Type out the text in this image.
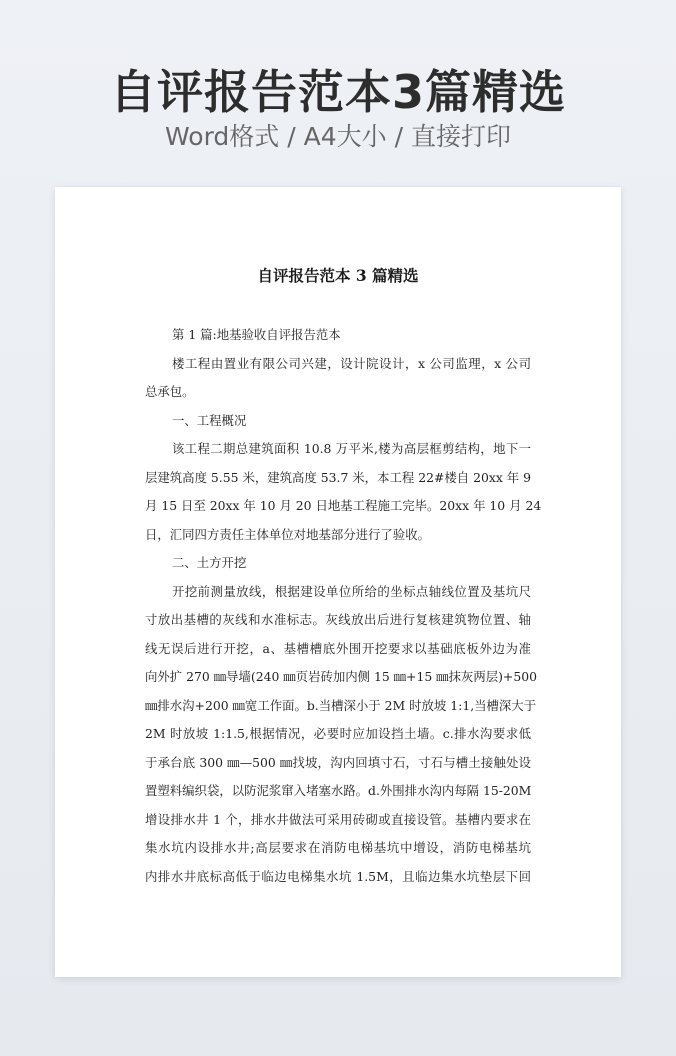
自评报告范本3篇精选
Word格式 / A4大小 / 直接打印
自评报告范本 3 篇精选
第 1 篇:地基验收自评报告范本
楼工程由置业有限公司兴建，设计院设计，x 公司监理，x 公司
总承包。
一、工程概况
该工程二期总建筑面积 10.8 万平米,楼为高层框剪结构，地下一
层建筑高度 5.55 米，建筑高度 53.7 米，本工程 22#楼自 20xx 年 9
月 15 日至 20xx 年 10 月 20 日地基工程施工完毕。20xx 年 10 月 24
日，汇同四方责任主体单位对地基部分进行了验收。
二、土方开挖
开挖前测量放线，根据建设单位所给的坐标点轴线位置及基坑尺
寸放出基槽的灰线和水准标志。灰线放出后进行复核建筑物位置、轴
线无误后进行开挖，a、基槽槽底外围开挖要求以基础底板外边为准
向外扩 270 ㎜导墙(240 ㎜页岩砖加内侧 15 ㎜+15 ㎜抹灰两层)+500
㎜排水沟+200 ㎜宽工作面。b.当槽深小于 2M 时放坡 1:1,当槽深大于
2M 时放坡 1:1.5,根据情况，必要时应加设挡土墙。c.排水沟要求低
于承台底 300 ㎜—500 ㎜找坡，沟内回填寸石，寸石与槽土接触处设
置塑料编织袋，以防泥浆窜入堵塞水路。d.外围排水沟内每隔 15-20M
增设排水井 1 个，排水井做法可采用砖砌或直接设管。基槽内要求在
集水坑内设排水井;高层要求在消防电梯基坑中增设，消防电梯基坑
内排水井底标高低于临边电梯集水坑 1.5M，且临边集水坑垫层下回
